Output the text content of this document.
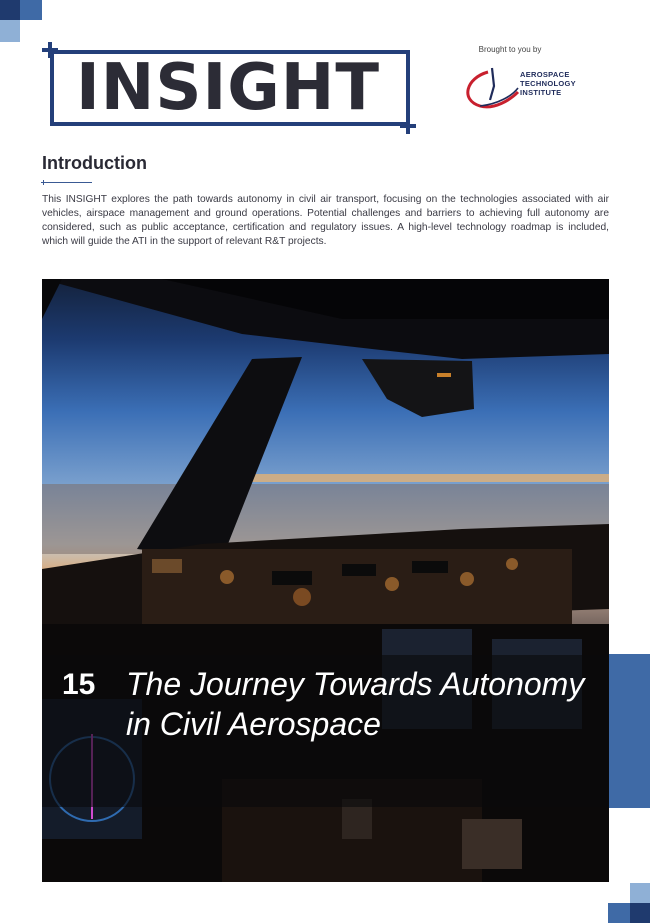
INSIGHT
Brought to you by
AEROSPACE
TECHNOLOGY
INSTITUTE
Introduction
This INSIGHT explores the path towards autonomy in civil air transport, focusing on the technologies associated with air vehicles, airspace management and ground operations. Potential challenges and barriers to achieving full autonomy are considered, such as public acceptance, certification and regulatory issues. A high-level technology roadmap is included, which will guide the ATI in the support of relevant R&T projects.
15 The Journey Towards Autonomy in Civil Aerospace
